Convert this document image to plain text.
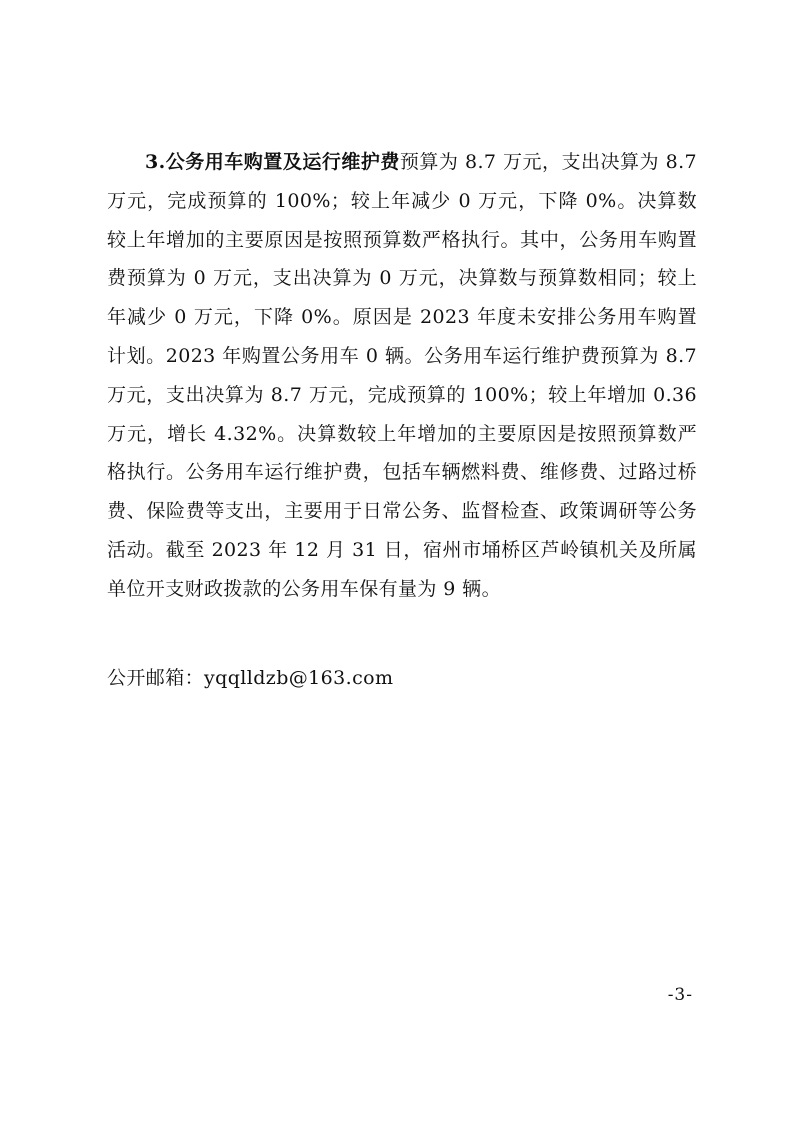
3.公务用车购置及运行维护费预算为 8.7 万元，支出决算为 8.7 万元，完成预算的 100%；较上年减少 0 万元，下降 0%。决算数较上年增加的主要原因是按照预算数严格执行。其中，公务用车购置费预算为 0 万元，支出决算为 0 万元，决算数与预算数相同；较上年减少 0 万元，下降 0%。原因是 2023 年度未安排公务用车购置计划。2023 年购置公务用车 0 辆。公务用车运行维护费预算为 8.7 万元，支出决算为 8.7 万元，完成预算的 100%；较上年增加 0.36 万元，增长 4.32%。决算数较上年增加的主要原因是按照预算数严格执行。公务用车运行维护费，包括车辆燃料费、维修费、过路过桥费、保险费等支出，主要用于日常公务、监督检查、政策调研等公务活动。截至 2023 年 12 月 31 日，宿州市埇桥区芦岭镇机关及所属单位开支财政拨款的公务用车保有量为 9 辆。

公开邮箱：yqqlldzb@163.com

-3-
